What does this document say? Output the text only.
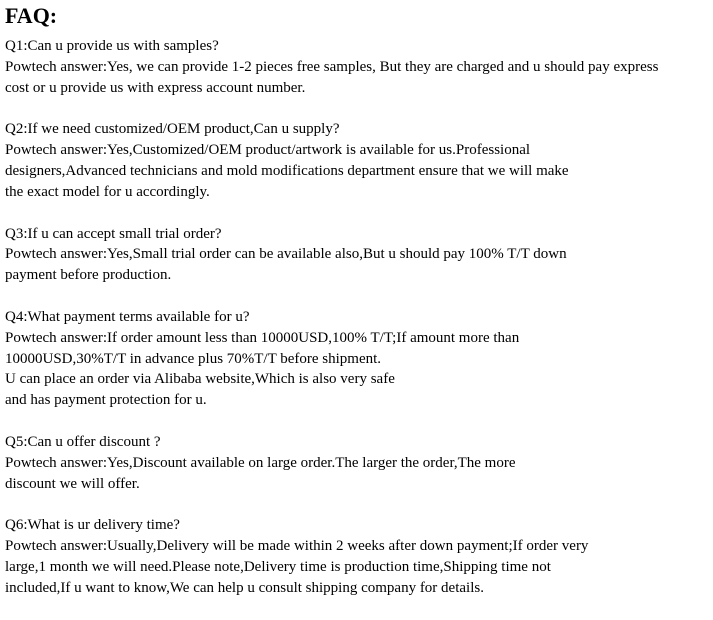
FAQ:
Q1:Can u provide us with samples?
Powtech answer:Yes, we can provide 1-2 pieces free samples, But they are charged and u should pay express
cost or u provide us with express account number.
Q2:If we need customized/OEM product,Can u supply?
Powtech answer:Yes,Customized/OEM product/artwork is available for us.Professional
designers,Advanced technicians and mold modifications department ensure that we will make
the exact model for u accordingly.
Q3:If u can accept small trial order?
Powtech answer:Yes,Small trial order can be available also,But u should pay 100% T/T down
payment before production.
Q4:What payment terms available for u?
Powtech answer:If order amount less than 10000USD,100% T/T;If amount more than
10000USD,30%T/T in advance plus 70%T/T before shipment.
U can place an order via Alibaba website,Which is also very safe
and has payment protection for u.
Q5:Can u offer discount ?
Powtech answer:Yes,Discount available on large order.The larger the order,The more
discount we will offer.
Q6:What is ur delivery time?
Powtech answer:Usually,Delivery will be made within 2 weeks after down payment;If order very
large,1 month we will need.Please note,Delivery time is production time,Shipping time not
included,If u want to know,We can help u consult shipping company for details.
